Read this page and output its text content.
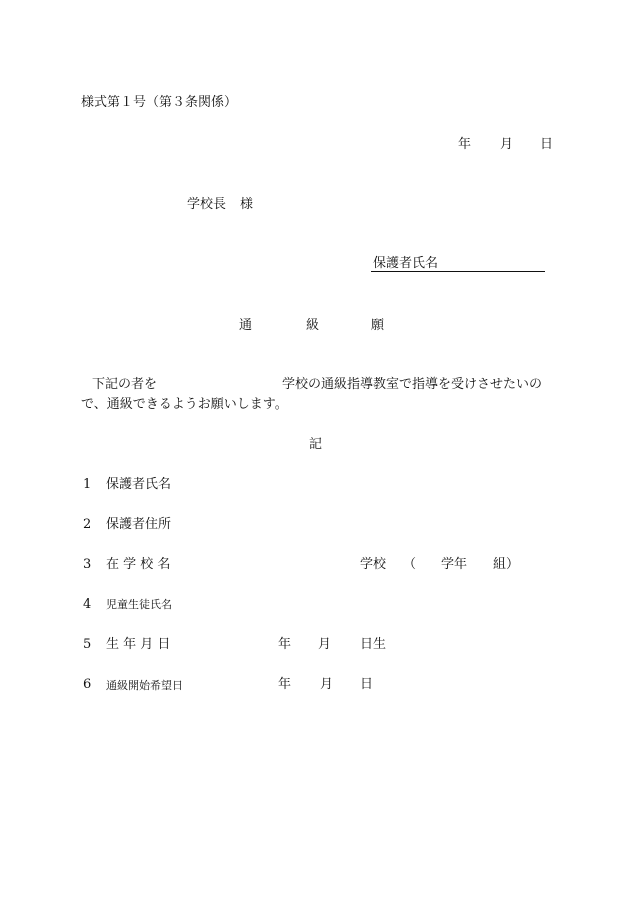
様式第１号（第３条関係）
年 月 日
学校長 様
保護者氏名
通	級	願
下記の者を	学校の通級指導教室で指導を受けさせたいの
で、通級できるようお願いします。
記
1 保護者氏名
2 保護者住所
3 在 学 校 名	学校 （ 学年 組）
4 児童生徒氏名
5 生 年 月 日	年 月 日生
6 通級開始希望日	年 月 日
